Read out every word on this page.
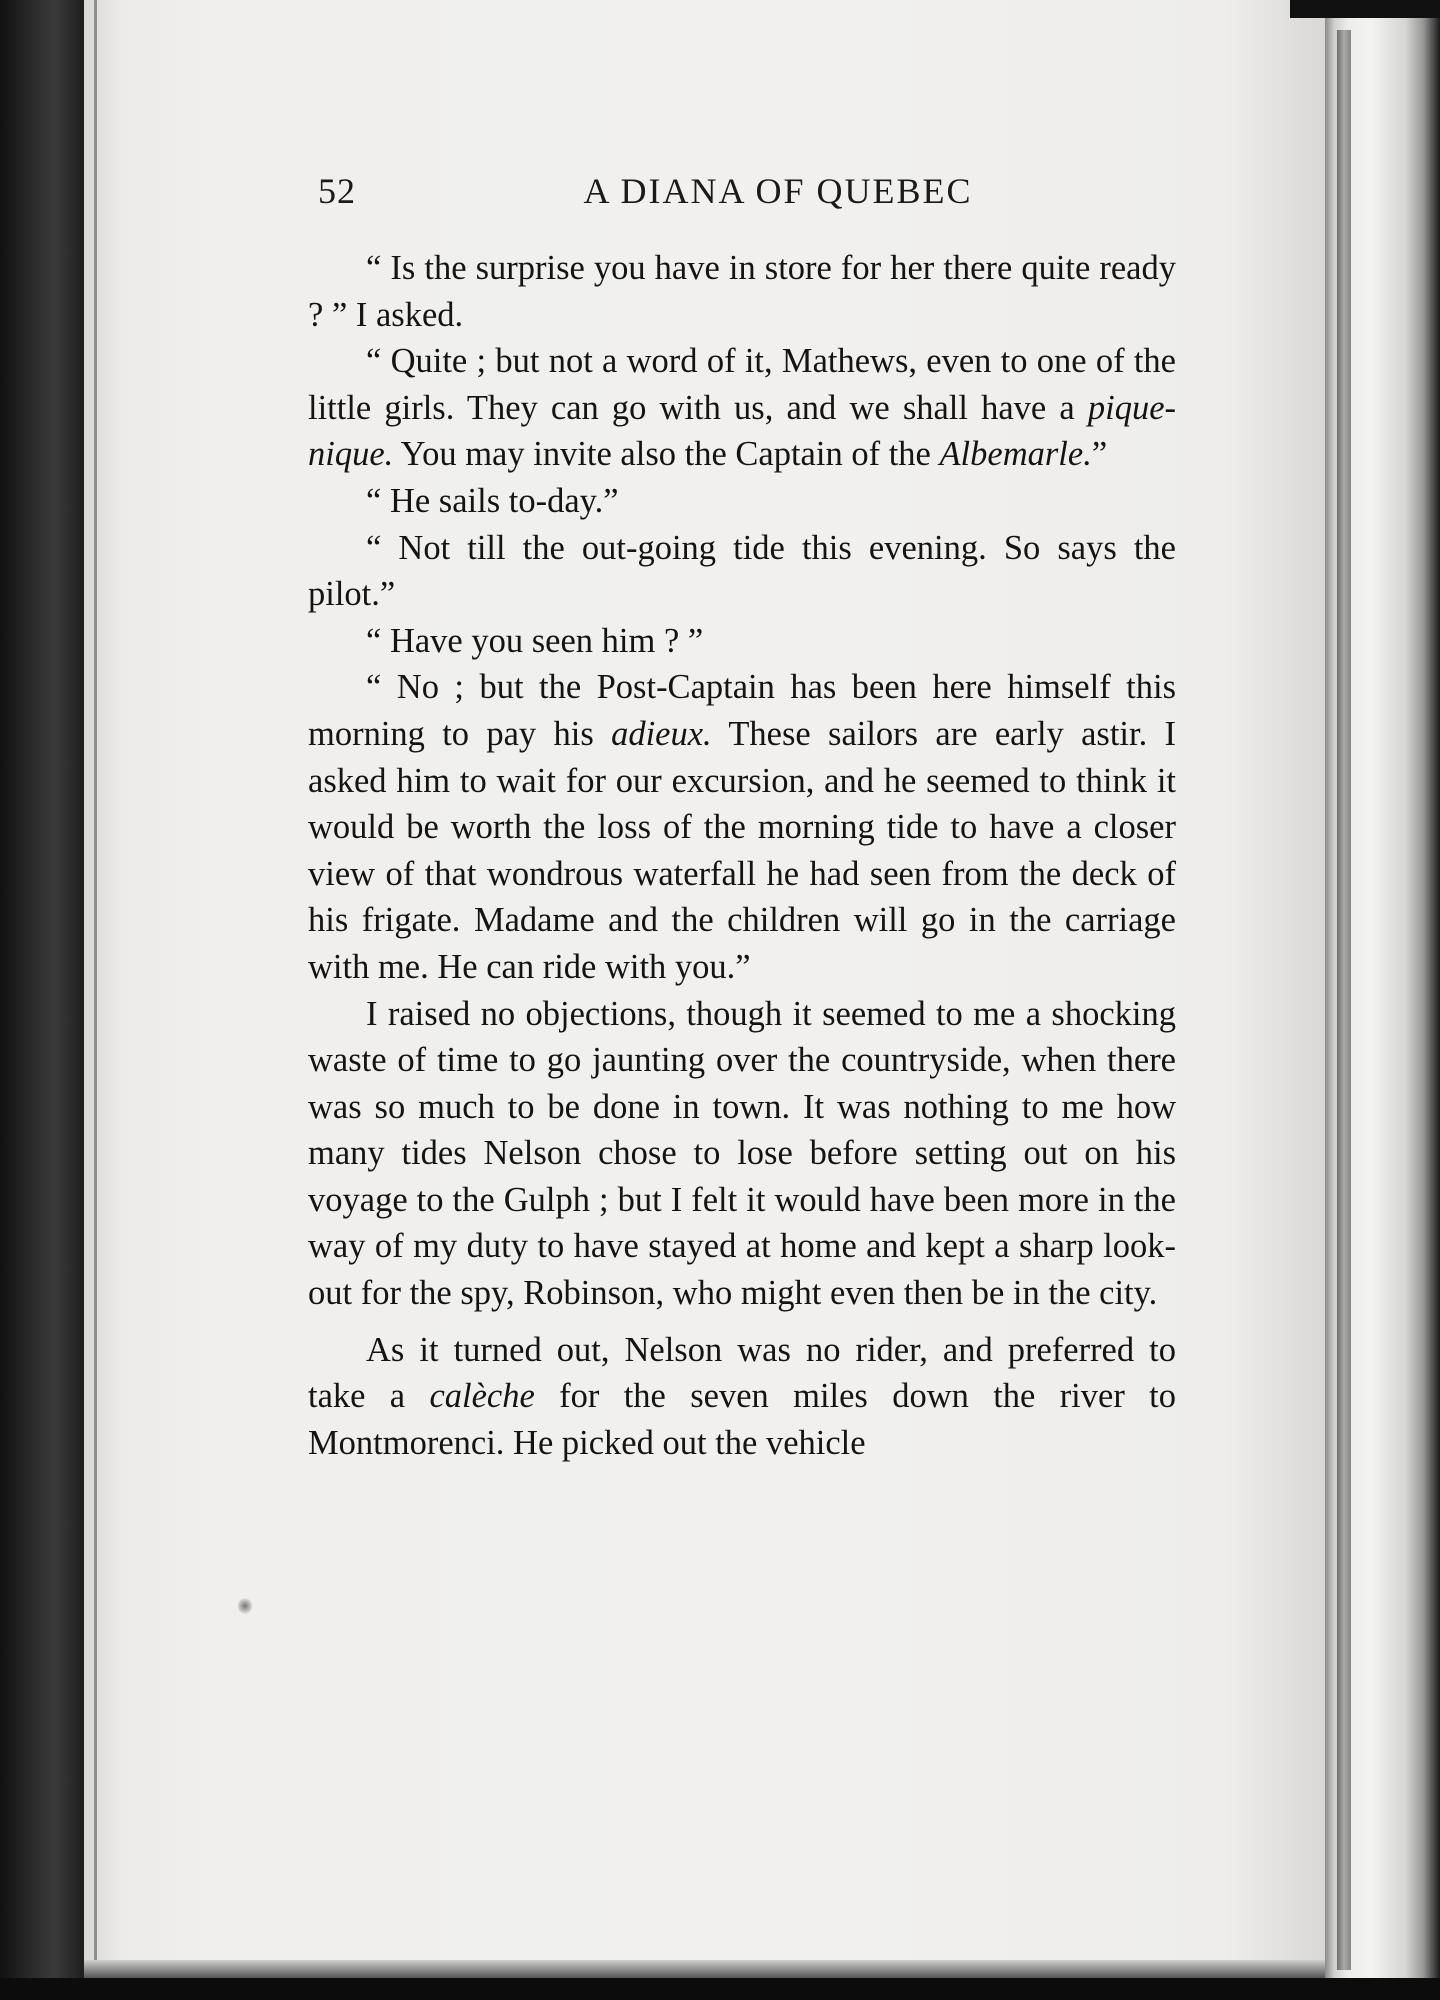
52	A DIANA OF QUEBEC

“ Is the surprise you have in store for her there quite ready ? ” I asked.

“ Quite ; but not a word of it, Mathews, even to one of the little girls. They can go with us, and we shall have a pique-nique. You may invite also the Captain of the Albemarle.”

“ He sails to-day.”

“ Not till the out-going tide this evening. So says the pilot.”

“ Have you seen him ? ”

“ No ; but the Post-Captain has been here himself this morning to pay his adieux. These sailors are early astir. I asked him to wait for our excursion, and he seemed to think it would be worth the loss of the morning tide to have a closer view of that wondrous waterfall he had seen from the deck of his frigate. Madame and the children will go in the carriage with me. He can ride with you.”

I raised no objections, though it seemed to me a shocking waste of time to go jaunting over the countryside, when there was so much to be done in town. It was nothing to me how many tides Nelson chose to lose before setting out on his voyage to the Gulph ; but I felt it would have been more in the way of my duty to have stayed at home and kept a sharp look-out for the spy, Robinson, who might even then be in the city.

As it turned out, Nelson was no rider, and preferred to take a calèche for the seven miles down the river to Montmorenci. He picked out the vehicle
